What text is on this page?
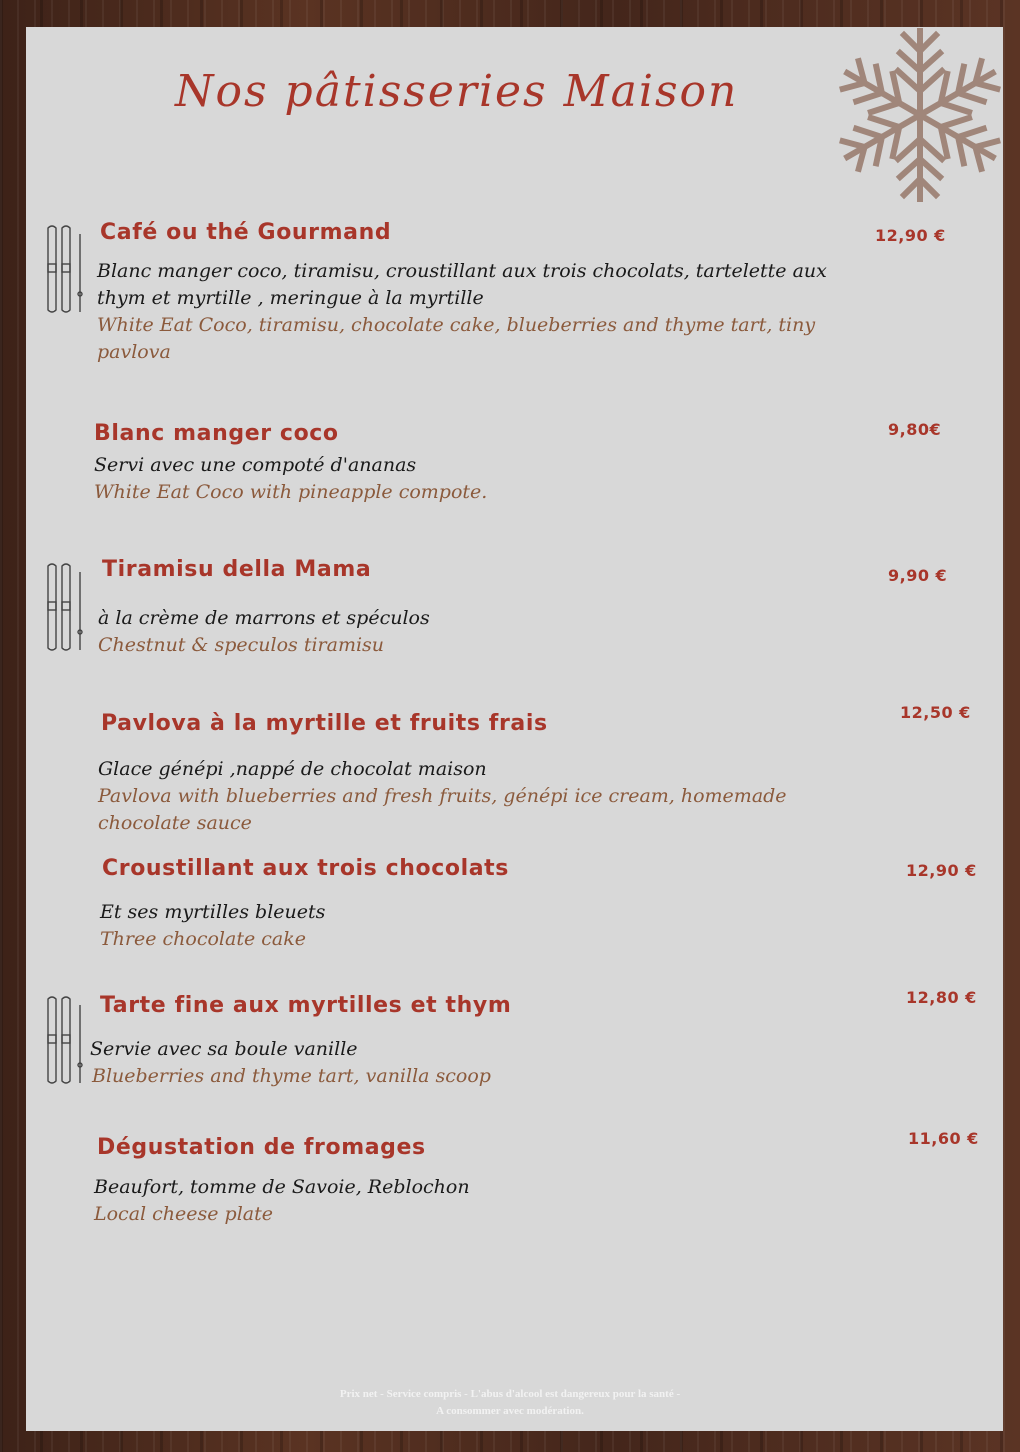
Nos pâtisseries Maison
Café ou thé Gourmand	12,90 €
Blanc manger coco, tiramisu, croustillant aux trois chocolats, tartelette aux thym et myrtille , meringue à la myrtille
White Eat Coco, tiramisu, chocolate cake, blueberries and thyme tart, tiny pavlova
Blanc manger coco	9,80€
Servi avec une compoté d'ananas
White Eat Coco with pineapple compote.
Tiramisu della Mama	9,90 €
à la crème de marrons et spéculos
Chestnut & speculos tiramisu
Pavlova à la myrtille et fruits frais	12,50 €
Glace génépi ,nappé de chocolat maison
Pavlova with blueberries and fresh fruits, génépi ice cream, homemade chocolate sauce
Croustillant aux trois chocolats	12,90 €
Et ses myrtilles bleuets
Three chocolate cake
Tarte fine aux myrtilles et thym	12,80 €
Servie avec sa boule vanille
Blueberries and thyme tart, vanilla scoop
Dégustation de fromages	11,60 €
Beaufort, tomme de Savoie, Reblochon
Local cheese plate
Prix net - Service compris - L'abus d'alcool est dangereux pour la santé -
A consommer avec modération.
